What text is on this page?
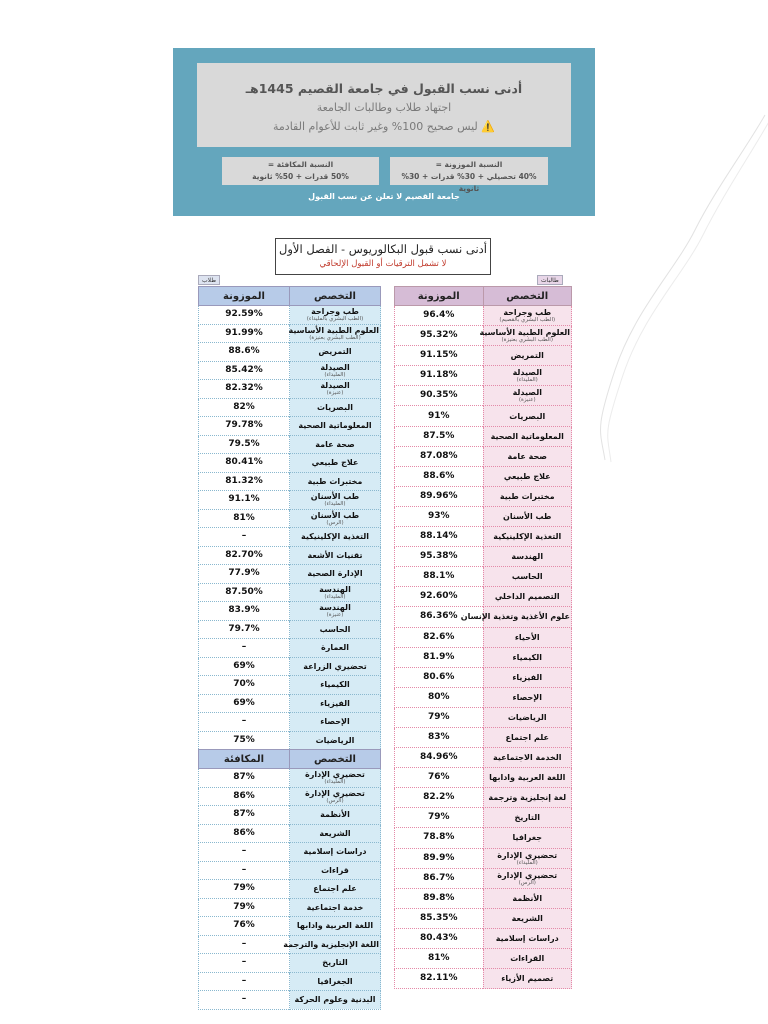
أدنى نسب القبول في جامعة القصيم 1445هـ
اجتهاد طلاب وطالبات الجامعة
⚠️ ليس صحيح 100% وغير ثابت للأعوام القادمة
النسبة الموزونة =
40% تحصيلي + 30% قدرات + 30% ثانوية
النسبة المكافئة =
50% قدرات + 50% ثانوية
جامعة القصيم لا تعلن عن نسب القبول
أدنى نسب قبول البكالوريوس - الفصل الأول
لا تشمل الترقيات أو القبول الإلحاقي
طالبات
طلاب
التخصص	الموزونة
طب وجراحة
(الطب البشري بالقصيم)	96.4%
العلوم الطبية الأساسية
(الطب البشري بعنيزة)	95.32%
التمريض	91.15%
الصيدلة
(المليداء)	91.18%
الصيدلة
(عنيزة)	90.35%
البصريات	91%
المعلوماتية الصحية	87.5%
صحة عامة	87.08%
علاج طبيعي	88.6%
مختبرات طبية	89.96%
طب الأسنان	93%
التغذية الإكلينيكية	88.14%
الهندسة	95.38%
الحاسب	88.1%
التصميم الداخلي	92.60%
علوم الأغذية وتغذية الإنسان	86.36%
الأحياء	82.6%
الكيمياء	81.9%
الفيزياء	80.6%
الإحصاء	80%
الرياضيات	79%
علم اجتماع	83%
الخدمة الاجتماعية	84.96%
اللغة العربية وادابها	76%
لغة إنجليزية وترجمة	82.2%
التاريخ	79%
جغرافيا	78.8%
تحضيري الإدارة
(المليداء)	89.9%
تحضيري الإدارة
(الرس)	86.7%
الأنظمة	89.8%
الشريعة	85.35%
دراسات إسلامية	80.43%
القراءات	81%
تصميم الأزياء	82.11%
التخصص	الموزونة
طب وجراحة
(الطب البشري بالمليداء)	92.59%
العلوم الطبية الأساسية
(الطب البشري بعنيزة)	91.99%
التمريض	88.6%
الصيدلة
(المليداء)	85.42%
الصيدلة
(عنيزة)	82.32%
البصريات	82%
المعلوماتية الصحية	79.78%
صحة عامة	79.5%
علاج طبيعي	80.41%
مختبرات طبية	81.32%
طب الأسنان
(المليداء)	91.1%
طب الأسنان
(الرس)	81%
التغذية الإكلينيكية	–
تقنيات الأشعة	82.70%
الإدارة الصحية	77.9%
الهندسة
(المليداء)	87.50%
الهندسة
(عنيزة)	83.9%
الحاسب	79.7%
العمارة	–
تحضيري الزراعة	69%
الكيمياء	70%
الفيزياء	69%
الإحصاء	–
الرياضيات	75%
التخصص	المكافئة
تحضيري الإدارة
(المليداء)	87%
تحضيري الإدارة
(الرس)	86%
الأنظمة	87%
الشريعة	86%
دراسات إسلامية	–
قراءات	–
علم اجتماع	79%
خدمة اجتماعية	79%
اللغة العربية وادابها	76%
اللغة الإنجليزية والترجمة	–
التاريخ	–
الجغرافيا	–
البدنية وعلوم الحركة	–
